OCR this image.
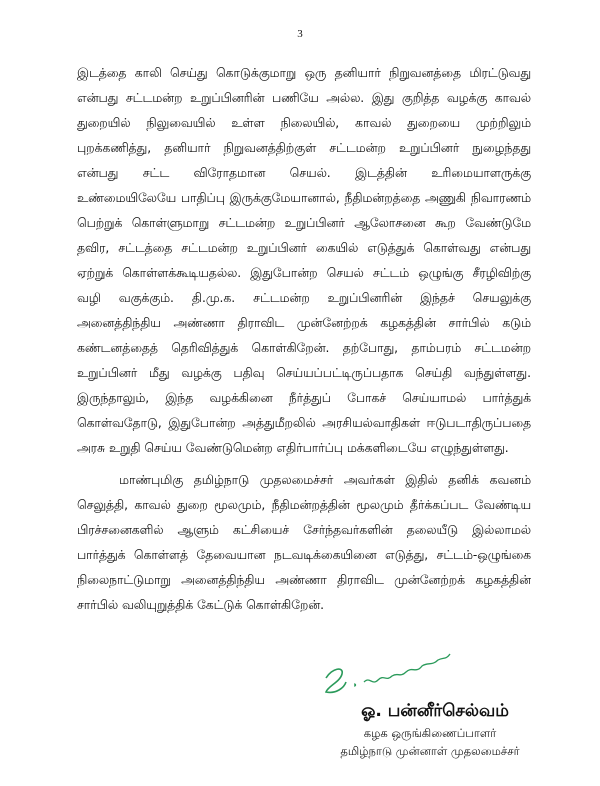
3
இடத்தை காலி செய்து கொடுக்குமாறு ஒரு தனியார் நிறுவனத்தை மிரட்டுவது
என்பது சட்டமன்ற உறுப்பினரின் பணியே அல்ல. இது குறித்த வழக்கு காவல்
துறையில் நிலுவையில் உள்ள நிலையில், காவல் துறையை முற்றிலும்
புறக்கணித்து, தனியார் நிறுவனத்திற்குள் சட்டமன்ற உறுப்பினர் நுழைந்தது
என்பது சட்ட விரோதமான செயல். இடத்தின் உரிமையாளருக்கு
உண்மையிலேயே பாதிப்பு இருக்குமேயானால், நீதிமன்றத்தை அணுகி நிவாரணம்
பெற்றுக் கொள்ளுமாறு சட்டமன்ற உறுப்பினர் ஆலோசனை கூற வேண்டுமே
தவிர, சட்டத்தை சட்டமன்ற உறுப்பினர் கையில் எடுத்துக் கொள்வது என்பது
ஏற்றுக் கொள்ளக்கூடியதல்ல. இதுபோன்ற செயல் சட்டம் ஒழுங்கு சீரழிவிற்கு
வழி வகுக்கும். தி.மு.க. சட்டமன்ற உறுப்பினரின் இந்தச் செயலுக்கு
அனைத்திந்திய அண்ணா திராவிட முன்னேற்றக் கழகத்தின் சார்பில் கடும்
கண்டனத்தைத் தெரிவித்துக் கொள்கிறேன். தற்போது, தாம்பரம் சட்டமன்ற
உறுப்பினர் மீது வழக்கு பதிவு செய்யப்பட்டிருப்பதாக செய்தி வந்துள்ளது.
இருந்தாலும், இந்த வழக்கினை நீர்த்துப் போகச் செய்யாமல் பார்த்துக்
கொள்வதோடு, இதுபோன்ற அத்துமீறலில் அரசியல்வாதிகள் ஈடுபடாதிருப்பதை
அரசு உறுதி செய்ய வேண்டுமென்ற எதிர்பார்ப்பு மக்களிடையே எழுந்துள்ளது.
மாண்புமிகு தமிழ்நாடு முதலமைச்சர் அவர்கள் இதில் தனிக் கவனம்
செலுத்தி, காவல் துறை மூலமும், நீதிமன்றத்தின் மூலமும் தீர்க்கப்பட வேண்டிய
பிரச்சனைகளில் ஆளும் கட்சியைச் சேர்ந்தவர்களின் தலையீடு இல்லாமல்
பார்த்துக் கொள்ளத் தேவையான நடவடிக்கையினை எடுத்து, சட்டம்-ஒழுங்கை
நிலைநாட்டுமாறு அனைத்திந்திய அண்ணா திராவிட முன்னேற்றக் கழகத்தின்
சார்பில் வலியுறுத்திக் கேட்டுக் கொள்கிறேன்.
ஓ. பன்னீர்செல்வம்
கழக ஒருங்கிணைப்பாளர்
தமிழ்நாடு முன்னாள் முதலமைச்சர்
